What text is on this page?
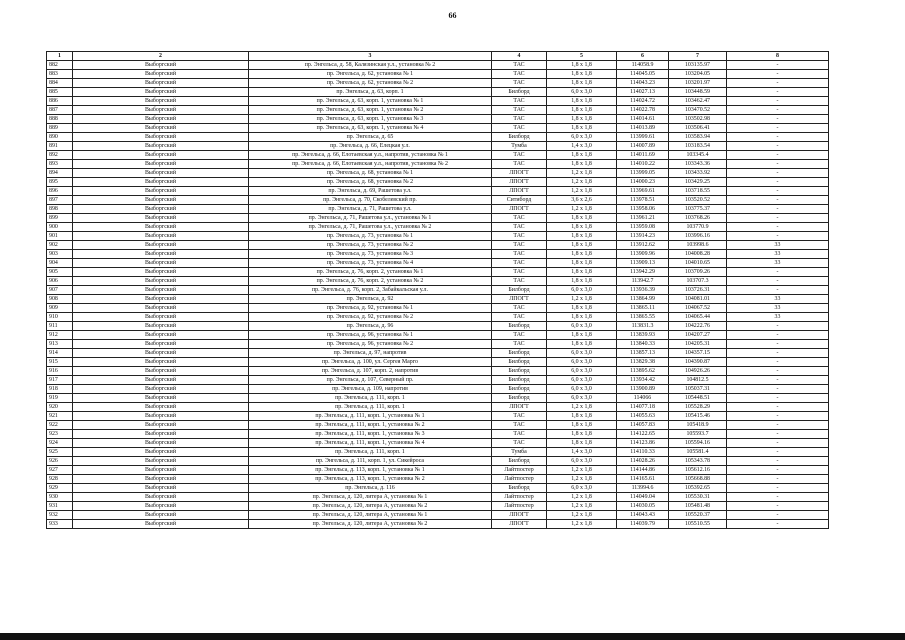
66
1	2	3	4	5	6	7	8
882	Выборгский	пр. Энгельса, д. 58, Калязинская у.л., установка № 2	ТАС	1,8 х 1,8	114058.9	103135.97	-
883	Выборгский	пр. Энгельса, д. 62, установка № 1	ТАС	1,8 х 1,8	114045.05	103204.05	-
884	Выборгский	пр. Энгельса, д. 62, установка № 2	ТАС	1,8 х 1,8	114043.23	103201.97	-
885	Выборгский	пр. Энгельса, д. 63, корп. 1	Билборд	6,0 х 3,0	114027.13	103448.59	-
886	Выборгский	пр. Энгельса, д. 63, корп. 1, установка № 1	ТАС	1,8 х 1,8	114024.72	103462.47	-
887	Выборгский	пр. Энгельса, д. 63, корп. 1, установка № 2	ТАС	1,8 х 1,8	114022.78	103470.52	-
888	Выборгский	пр. Энгельса, д. 63, корп. 1, установка № 3	ТАС	1,8 х 1,8	114014.61	103502.98	-
889	Выборгский	пр. Энгельса, д. 63, корп. 1, установка № 4	ТАС	1,8 х 1,8	114013.89	103506.41	-
890	Выборгский	пр. Энгельса, д. 65	Билборд	6,0 х 3,0	113999.61	103583.94	-
891	Выборгский	пр. Энгельса, д. 66, Елецкая у.л.	Тумба	1,4 х 3,0	114007.89	103183.54	-
892	Выборгский	пр. Энгельса, д. 66, Елотаевская у.л., напротив, установка № 1	ТАС	1,8 х 1,8	114011.69	103345.4	-
893	Выборгский	пр. Энгельса, д. 66, Елотаевская у.л., напротив, установка № 2	ТАС	1,8 х 1,8	114010.22	103343.36	-
894	Выборгский	пр. Энгельса, д. 68, установка № 1	ЛПОГТ	1,2 х 1,8	113999.05	103433.92	-
895	Выборгский	пр. Энгельса, д. 68, установка № 2	ЛПОГТ	1,2 х 1,8	114000.23	103429.25	-
896	Выборгский	пр. Энгельса, д. 69, Рашетова у.л.	ЛПОГТ	1,2 х 1,8	113969.61	103718.55	-
897	Выборгский	пр. Энгельса, д. 70, Скобелевский пр.	Ситиборд	3,6 х 2,6	113978.51	103520.52	-
898	Выборгский	пр. Энгельса, д. 71, Рашетова у.л.	ЛПОГТ	1,2 х 1,8	113958.06	103775.37	-
899	Выборгский	пр. Энгельса, д. 71, Рашетова у.л., установка № 1	ТАС	1,8 х 1,8	113961.21	103768.26	-
900	Выборгский	пр. Энгельса, д. 71, Рашетова у.л., установка № 2	ТАС	1,8 х 1,8	113959.08	103770.9	-
901	Выборгский	пр. Энгельса, д. 73, установка № 1	ТАС	1,8 х 1,8	113914.23	103996.16	-
902	Выборгский	пр. Энгельса, д. 73, установка № 2	ТАС	1,8 х 1,8	113912.62	103998.6	33
903	Выборгский	пр. Энгельса, д. 73, установка № 3	ТАС	1,8 х 1,8	113909.96	104008.28	33
904	Выборгский	пр. Энгельса, д. 73, установка № 4	ТАС	1,8 х 1,8	113909.13	104010.65	33
905	Выборгский	пр. Энгельса, д. 76, корп. 2, установка № 1	ТАС	1,8 х 1,8	113942.29	103709.26	-
906	Выборгский	пр. Энгельса, д. 76, корп. 2, установка № 2	ТАС	1,8 х 1,8	113942.7	103707.3	-
907	Выборгский	пр. Энгельса, д. 76, корп. 2, Забайкальская у.л.	Билборд	6,0 х 3,0	113936.39	103726.31	-
908	Выборгский	пр. Энгельса, д. 92	ЛПОГТ	1,2 х 1,8	113864.99	104081.01	33
909	Выборгский	пр. Энгельса, д. 92, установка № 1	ТАС	1,8 х 1,8	113865.11	104067.52	33
910	Выборгский	пр. Энгельса, д. 92, установка № 2	ТАС	1,8 х 1,8	113865.55	104065.44	33
911	Выборгский	пр. Энгельса, д. 96	Билборд	6,0 х 3,0	113831.3	104222.76	-
912	Выборгский	пр. Энгельса, д. 96, установка № 1	ТАС	1,8 х 1,8	113839.93	104207.27	-
913	Выборгский	пр. Энгельса, д. 96, установка № 2	ТАС	1,8 х 1,8	113840.33	104205.31	-
914	Выборгский	пр. Энгельса, д. 97, напротив	Билборд	6,0 х 3,0	113857.13	104357.15	-
915	Выборгский	пр. Энгельса, д. 100, ул. Сергея Марго	Билборд	6,0 х 3,0	113829.38	104390.87	-
916	Выборгский	пр. Энгельса, д. 107, корп. 2, напротив	Билборд	6,0 х 3,0	113895.62	104926.26	-
917	Выборгский	пр. Энгельса, д. 107, Северный пр.	Билборд	6,0 х 3,0	113934.42	104812.5	-
918	Выборгский	пр. Энгельса, д. 109, напротив	Билборд	6,0 х 3,0	113900.89	105037.31	-
919	Выборгский	пр. Энгельса, д. 111, корп. 1	Билборд	6,0 х 3,0	114066	105448.51	-
920	Выборгский	пр. Энгельса, д. 111, корп. 1	ЛПОГТ	1,2 х 1,8	114077.18	105528.29	-
921	Выборгский	пр. Энгельса, д. 111, корп. 1, установка № 1	ТАС	1,8 х 1,8	114055.63	105415.46	-
922	Выборгский	пр. Энгельса, д. 111, корп. 1, установка № 2	ТАС	1,8 х 1,8	114057.83	105418.9	-
923	Выборгский	пр. Энгельса, д. 111, корп. 1, установка № 3	ТАС	1,8 х 1,8	114122.65	105593.7	-
924	Выборгский	пр. Энгельса, д. 111, корп. 1, установка № 4	ТАС	1,8 х 1,8	114123.86	105594.16	-
925	Выборгский	пр. Энгельса, д. 111, корп. 1	Тумба	1,4 х 3,0	114110.33	105581.4	-
926	Выборгский	пр. Энгельса, д. 111, корп. 1, ул. Сикейроса	Билборд	6,0 х 3,0	114028.26	105343.78	-
927	Выборгский	пр. Энгельса, д. 113, корп. 1, установка № 1	Лайтпостер	1,2 х 1,8	114144.86	105612.16	-
928	Выборгский	пр. Энгельса, д. 113, корп. 1, установка № 2	Лайтпостер	1,2 х 1,8	114165.61	105668.88	-
929	Выборгский	пр. Энгельса, д. 116	Билборд	6,0 х 3,0	113994.6	105392.65	-
930	Выборгский	пр. Энгельса, д. 120, литера А, установка № 1	Лайтпостер	1,2 х 1,8	114049.04	105530.31	-
931	Выборгский	пр. Энгельса, д. 120, литера А, установка № 2	Лайтпостер	1,2 х 1,8	114030.05	105481.48	-
932	Выборгский	пр. Энгельса, д. 120, литера А, установка № 1	ЛПОГТ	1,2 х 1,8	114043.43	105520.37	-
933	Выборгский	пр. Энгельса, д. 120, литера А, установка № 2	ЛПОГТ	1,2 х 1,8	114039.79	105510.55	-
